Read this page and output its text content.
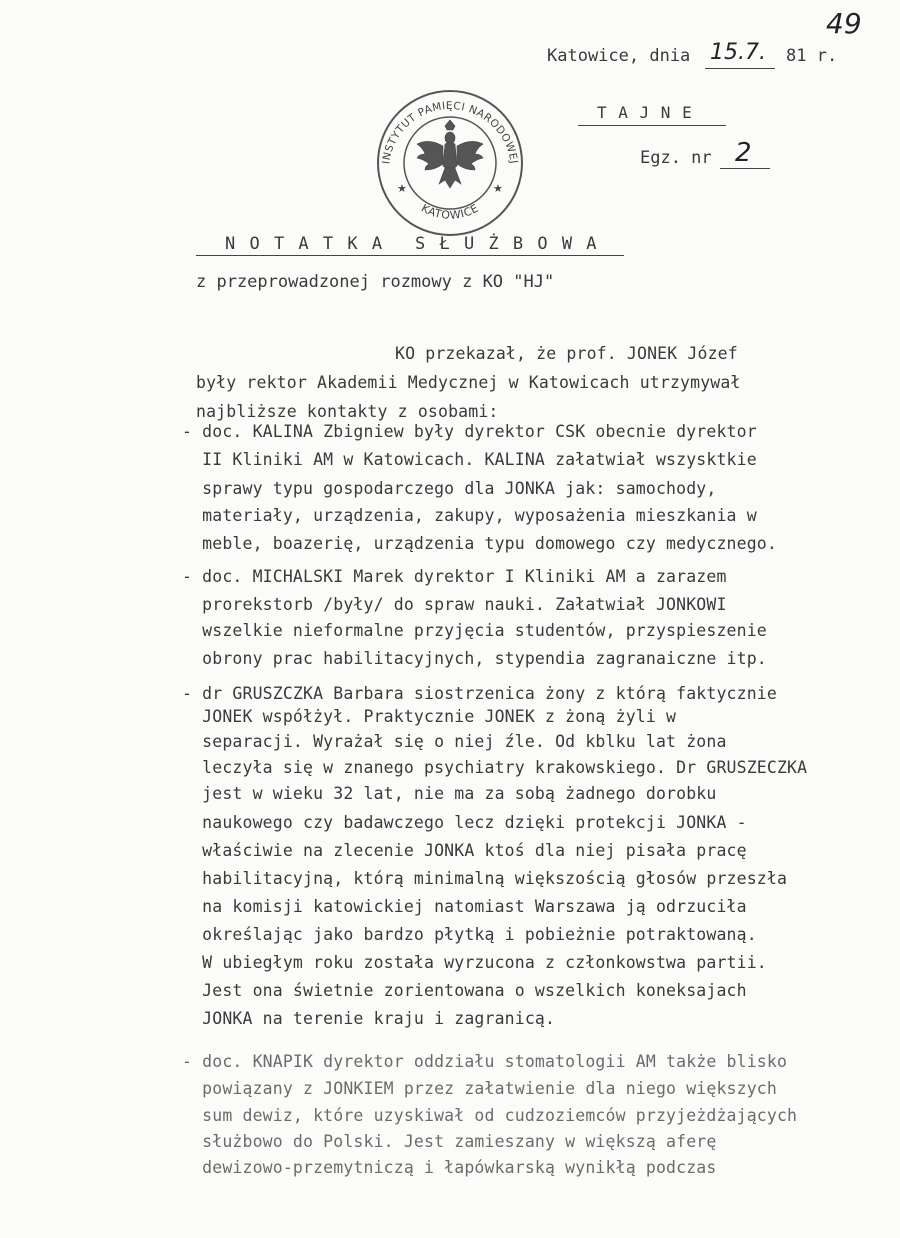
49
Katowice, dnia 15.7. 81 r.
T A J N E
Egz. nr 2
INSTYTUT PAMIĘCI NARODOWEJ
KATOWICE
★	★
N O T A T K A S Ł U Ż B O W A
z przeprowadzonej rozmowy z KO "HJ"
KO przekazał, że prof. JONEK Józef
były rektor Akademii Medycznej w Katowicach utrzymywał
najbliższe kontakty z osobami:
- doc. KALINA Zbigniew były dyrektor CSK obecnie dyrektor
II Kliniki AM w Katowicach. KALINA załatwiał wszysktkie
sprawy typu gospodarczego dla JONKA jak: samochody,
materiały, urządzenia, zakupy, wyposażenia mieszkania w
meble, boazerię, urządzenia typu domowego czy medycznego.
- doc. MICHALSKI Marek dyrektor I Kliniki AM a zarazem
prorekstorb /były/ do spraw nauki. Załatwiał JONKOWI
wszelkie nieformalne przyjęcia studentów, przyspieszenie
obrony prac habilitacyjnych, stypendia zagranaiczne itp.
- dr GRUSZCZKA Barbara siostrzenica żony z którą faktycznie
JONEK współżył. Praktycznie JONEK z żoną żyli w
separacji. Wyrażał się o niej źle. Od kblku lat żona
leczyła się w znanego psychiatry krakowskiego. Dr GRUSZECZKA
jest w wieku 32 lat, nie ma za sobą żadnego dorobku
naukowego czy badawczego lecz dzięki protekcji JONKA -
właściwie na zlecenie JONKA ktoś dla niej pisała pracę
habilitacyjną, którą minimalną większością głosów przeszła
na komisji katowickiej natomiast Warszawa ją odrzuciła
określając jako bardzo płytką i pobieżnie potraktowaną.
W ubiegłym roku została wyrzucona z członkowstwa partii.
Jest ona świetnie zorientowana o wszelkich koneksajach
JONKA na terenie kraju i zagranicą.
- doc. KNAPIK dyrektor oddziału stomatologii AM także blisko
powiązany z JONKIEM przez załatwienie dla niego większych
sum dewiz, które uzyskiwał od cudzoziemców przyjeżdżających
służbowo do Polski. Jest zamieszany w większą aferę
dewizowo-przemytniczą i łapówkarską wynikłą podczas
